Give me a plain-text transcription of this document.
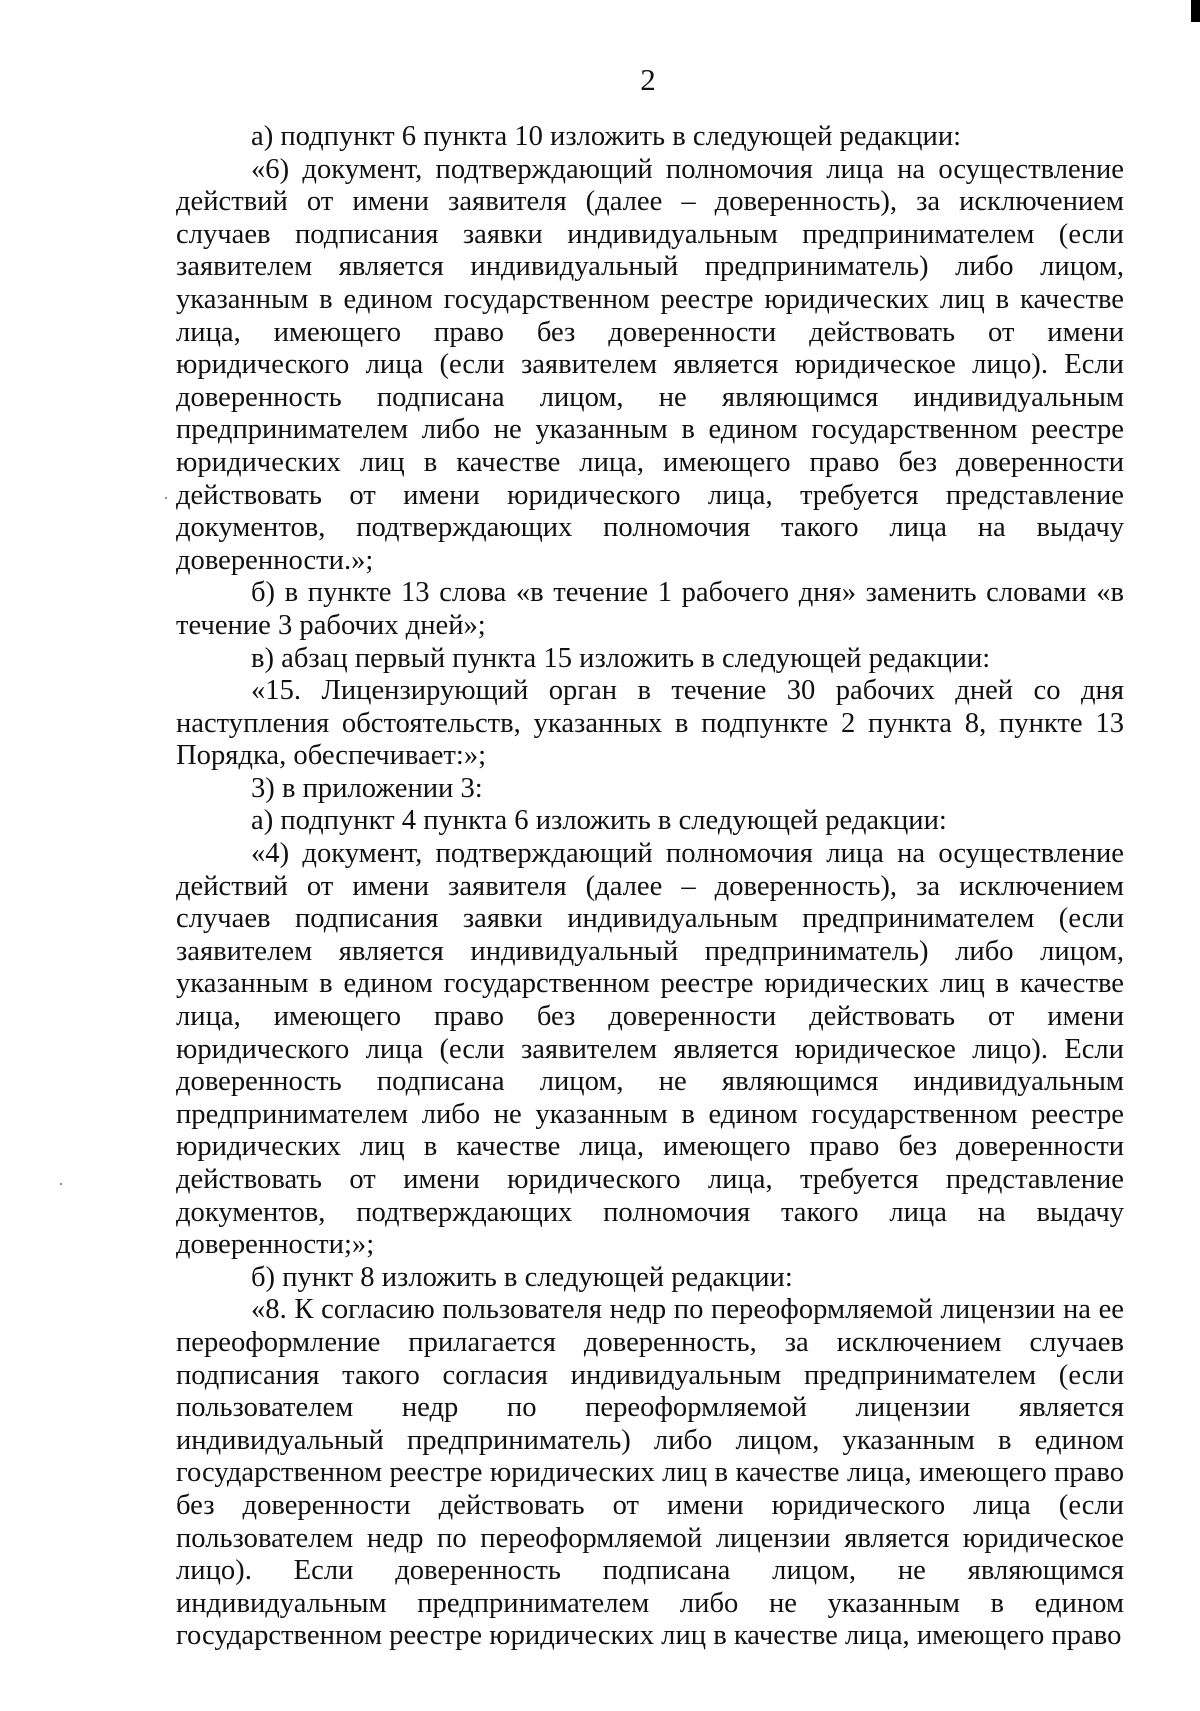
2

а) подпункт 6 пункта 10 изложить в следующей редакции:

«6) документ, подтверждающий полномочия лица на осуществление действий от имени заявителя (далее – доверенность), за исключением случаев подписания заявки индивидуальным предпринимателем (если заявителем является индивидуальный предприниматель) либо лицом, указанным в едином государственном реестре юридических лиц в качестве лица, имеющего право без доверенности действовать от имени юридического лица (если заявителем является юридическое лицо). Если доверенность подписана лицом, не являющимся индивидуальным предпринимателем либо не указанным в едином государственном реестре юридических лиц в качестве лица, имеющего право без доверенности действовать от имени юридического лица, требуется представление документов, подтверждающих полномочия такого лица на выдачу доверенности.»;

б) в пункте 13 слова «в течение 1 рабочего дня» заменить словами «в течение 3 рабочих дней»;

в) абзац первый пункта 15 изложить в следующей редакции:

«15. Лицензирующий орган в течение 30 рабочих дней со дня наступления обстоятельств, указанных в подпункте 2 пункта 8, пункте 13 Порядка, обеспечивает:»;

3) в приложении 3:

а) подпункт 4 пункта 6 изложить в следующей редакции:

«4) документ, подтверждающий полномочия лица на осуществление действий от имени заявителя (далее – доверенность), за исключением случаев подписания заявки индивидуальным предпринимателем (если заявителем является индивидуальный предприниматель) либо лицом, указанным в едином государственном реестре юридических лиц в качестве лица, имеющего право без доверенности действовать от имени юридического лица (если заявителем является юридическое лицо). Если доверенность подписана лицом, не являющимся индивидуальным предпринимателем либо не указанным в едином государственном реестре юридических лиц в качестве лица, имеющего право без доверенности действовать от имени юридического лица, требуется представление документов, подтверждающих полномочия такого лица на выдачу доверенности;»;

б) пункт 8 изложить в следующей редакции:

«8. К согласию пользователя недр по переоформляемой лицензии на ее переоформление прилагается доверенность, за исключением случаев подписания такого согласия индивидуальным предпринимателем (если пользователем недр по переоформляемой лицензии является индивидуальный предприниматель) либо лицом, указанным в едином государственном реестре юридических лиц в качестве лица, имеющего право без доверенности действовать от имени юридического лица (если пользователем недр по переоформляемой лицензии является юридическое лицо). Если доверенность подписана лицом, не являющимся индивидуальным предпринимателем либо не указанным в едином государственном реестре юридических лиц в качестве лица, имеющего право
